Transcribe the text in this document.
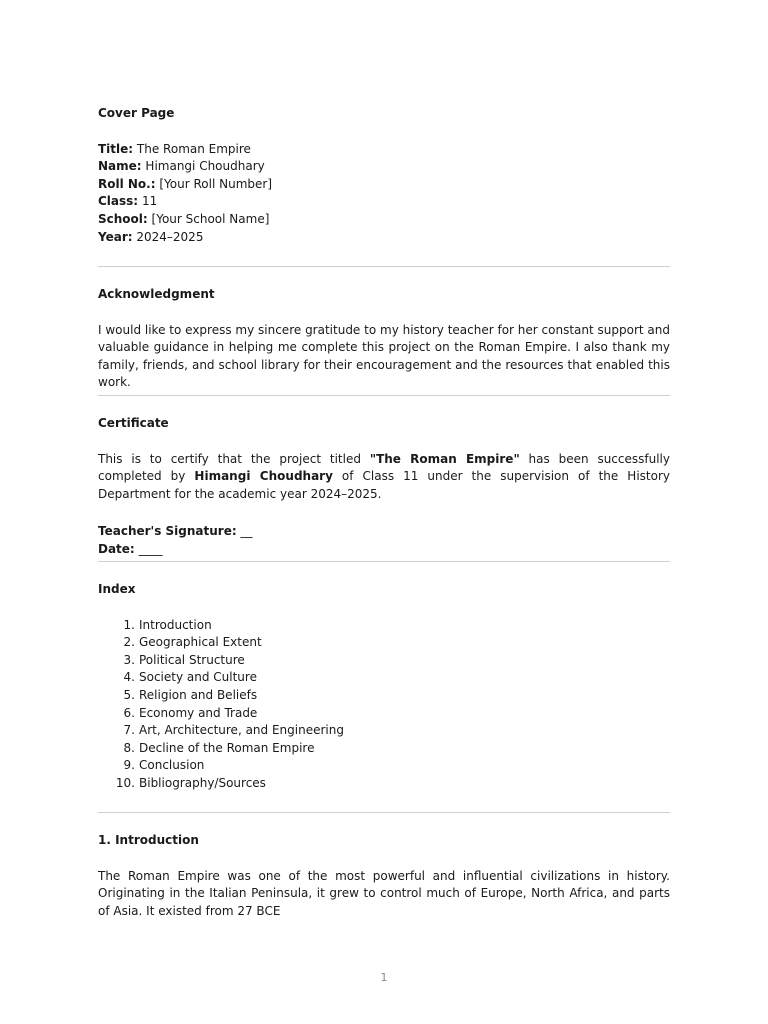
Cover Page

Title: The Roman Empire

Name: Himangi Choudhary

Roll No.: [Your Roll Number]

Class: 11

School: [Your School Name]

Year: 2024–2025

Acknowledgment

I would like to express my sincere gratitude to my history teacher for her constant support and valuable guidance in helping me complete this project on the Roman Empire. I also thank my family, friends, and school library for their encouragement and the resources that enabled this work.

Certificate

This is to certify that the project titled "The Roman Empire" has been successfully completed by Himangi Choudhary of Class 11 under the supervision of the History Department for the academic year 2024–2025.

Teacher's Signature: __

Date: ____

Index

1. Introduction
2. Geographical Extent
3. Political Structure
4. Society and Culture
5. Religion and Beliefs
6. Economy and Trade
7. Art, Architecture, and Engineering
8. Decline of the Roman Empire
9. Conclusion
10. Bibliography/Sources

1. Introduction

The Roman Empire was one of the most powerful and influential civilizations in history. Originating in the Italian Peninsula, it grew to control much of Europe, North Africa, and parts of Asia. It existed from 27 BCE

1
